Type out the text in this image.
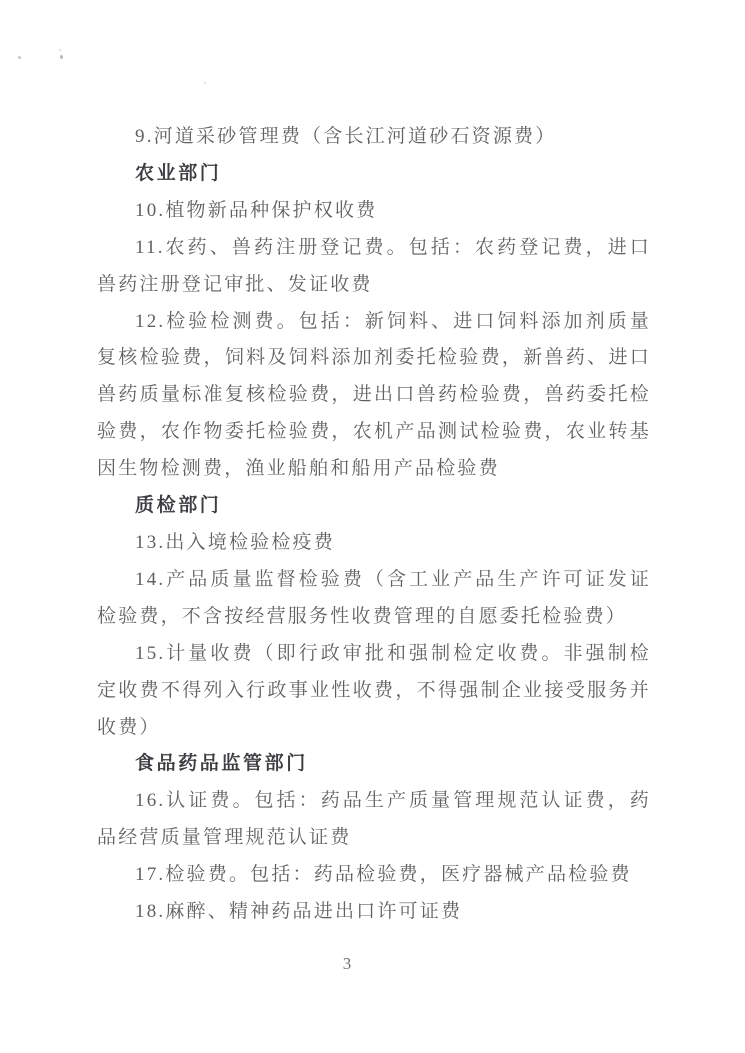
9.河道采砂管理费（含长江河道砂石资源费）

农业部门

10.植物新品种保护权收费

11.农药、兽药注册登记费。包括：农药登记费，进口兽药注册登记审批、发证收费

12.检验检测费。包括：新饲料、进口饲料添加剂质量复核检验费，饲料及饲料添加剂委托检验费，新兽药、进口兽药质量标准复核检验费，进出口兽药检验费，兽药委托检验费，农作物委托检验费，农机产品测试检验费，农业转基因生物检测费，渔业船舶和船用产品检验费

质检部门

13.出入境检验检疫费

14.产品质量监督检验费（含工业产品生产许可证发证检验费，不含按经营服务性收费管理的自愿委托检验费）

15.计量收费（即行政审批和强制检定收费。非强制检定收费不得列入行政事业性收费，不得强制企业接受服务并收费）

食品药品监管部门

16.认证费。包括：药品生产质量管理规范认证费，药品经营质量管理规范认证费

17.检验费。包括：药品检验费，医疗器械产品检验费

18.麻醉、精神药品进出口许可证费

3
